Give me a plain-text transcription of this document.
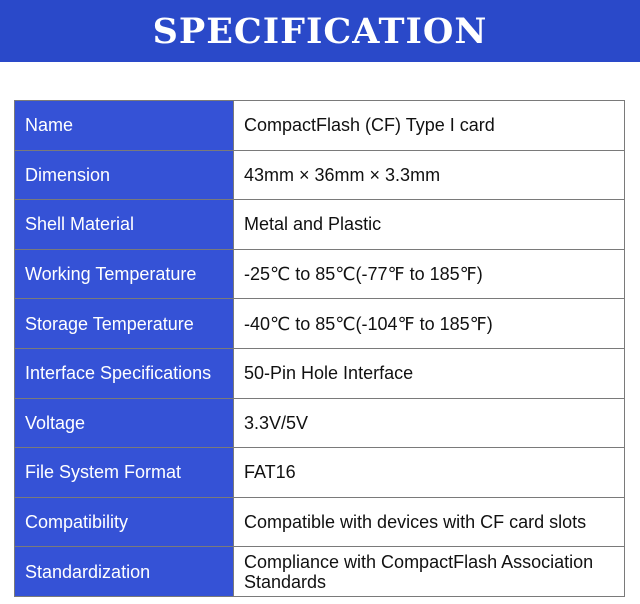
SPECIFICATION
Name	CompactFlash (CF) Type I card
Dimension	43mm × 36mm × 3.3mm
Shell Material	Metal and Plastic
Working Temperature	-25℃ to 85℃(-77℉ to 185℉)
Storage Temperature	-40℃ to 85℃(-104℉ to 185℉)
Interface Specifications	50-Pin Hole Interface
Voltage	3.3V/5V
File System Format	FAT16
Compatibility	Compatible with devices with CF card slots
Standardization	Compliance with CompactFlash Association Standards
